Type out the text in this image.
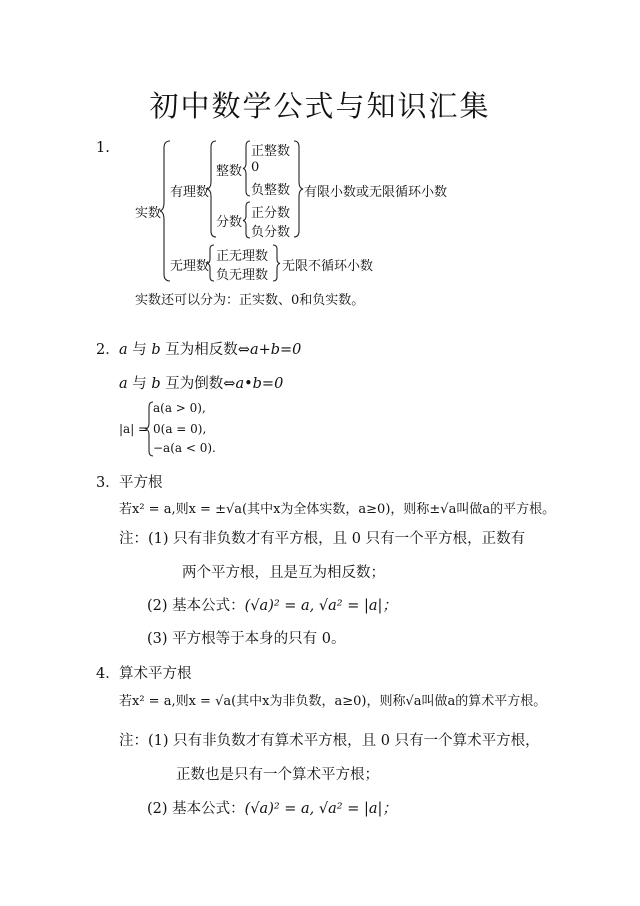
初中数学公式与知识汇集
1.
实数
有理数
整数
正整数
0
负整数
分数
正分数
负分数
有限小数或无限循环小数
无理数
正无理数
负无理数
无限不循环小数
实数还可以分为：正实数、0和负实数。
2． a 与 b 互为相反数⇔a+b=0
a 与 b 互为倒数⇔a•b=0
|a| =
a(a > 0),
0(a = 0),
−a(a < 0).
3． 平方根
若x² = a,则x = ±√a(其中x为全体实数，a≥0)，则称±√a叫做a的平方根。
注：(1) 只有非负数才有平方根，且 0 只有一个平方根，正数有
两个平方根，且是互为相反数；
(2) 基本公式：(√a)² = a, √a² = |a|；
(3) 平方根等于本身的只有 0。
4． 算术平方根
若x² = a,则x = √a(其中x为非负数，a≥0)，则称√a叫做a的算术平方根。
注：(1) 只有非负数才有算术平方根，且 0 只有一个算术平方根，
正数也是只有一个算术平方根；
(2) 基本公式：(√a)² = a, √a² = |a|；
